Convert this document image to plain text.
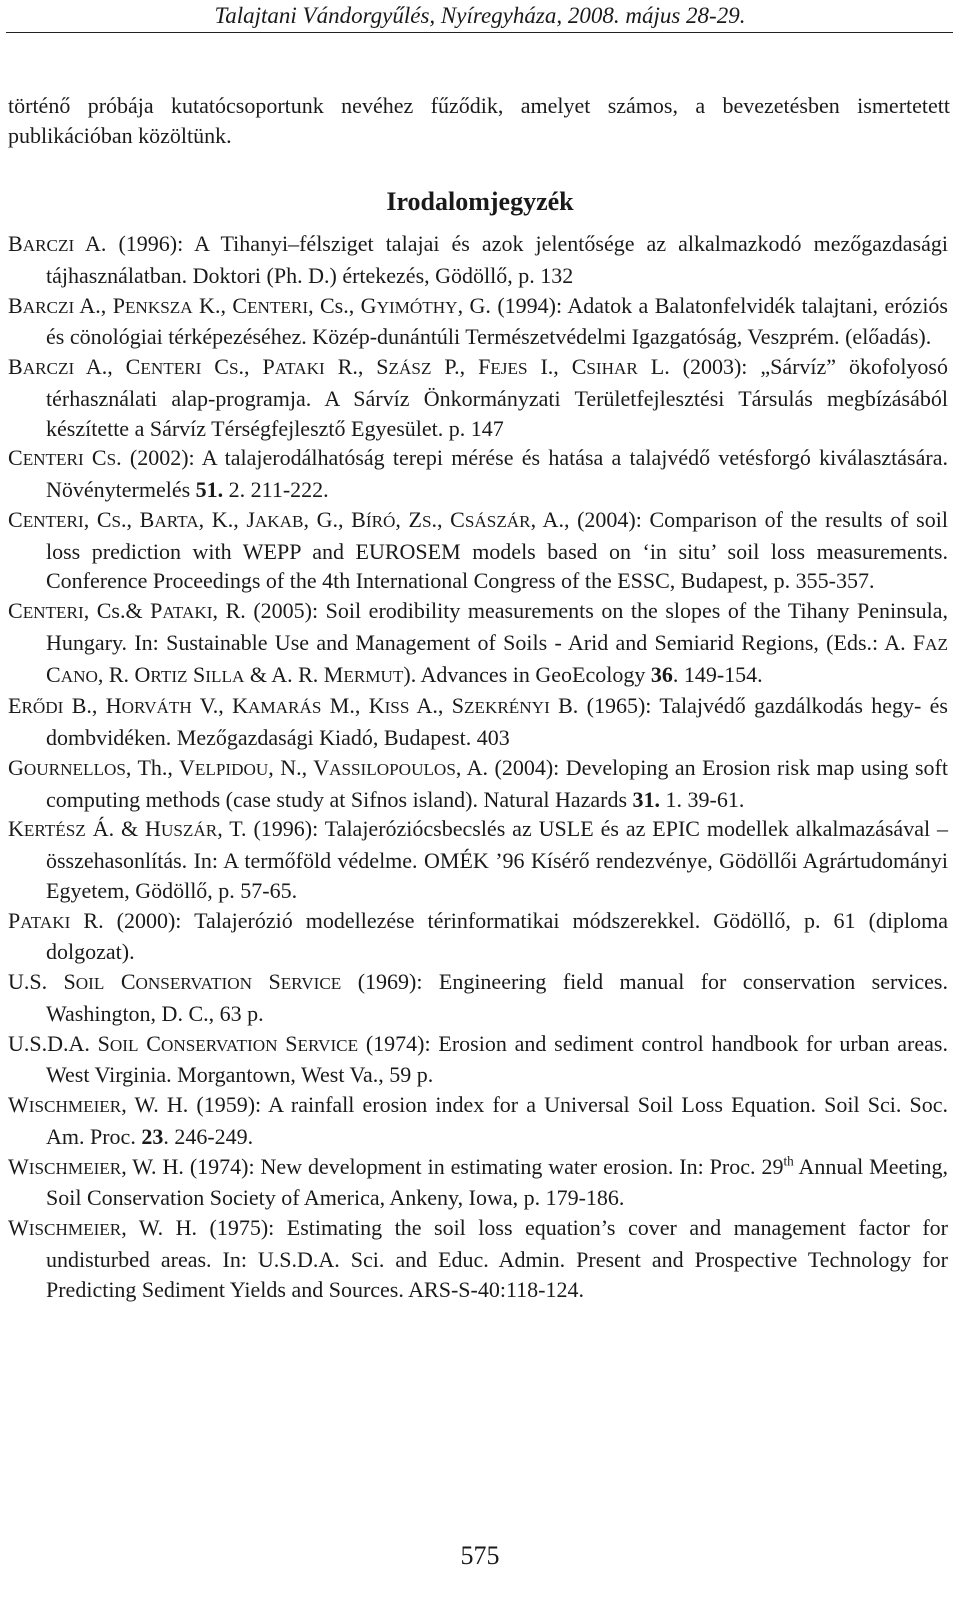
Talajtani Vándorgyűlés, Nyíregyháza, 2008. május 28-29.

történő próbája kutatócsoportunk nevéhez fűződik, amelyet számos, a bevezetésben ismertetett publikációban közöltünk.

Irodalomjegyzék

BARCZI A. (1996): A Tihanyi–félsziget talajai és azok jelentősége az alkalmazkodó mezőgazdasági tájhasználatban. Doktori (Ph. D.) értekezés, Gödöllő, p. 132

BARCZI A., PENKSZA K., CENTERI, Cs., GYIMÓTHY, G. (1994): Adatok a Balatonfelvidék talajtani, eróziós és cönológiai térképezéséhez. Közép-dunántúli Természetvédelmi Igazgatóság, Veszprém. (előadás).

BARCZI A., CENTERI CS., PATAKI R., SZÁSZ P., FEJES I., CSIHAR L. (2003): „Sárvíz” ökofolyosó térhasználati alap-programja. A Sárvíz Önkormányzati Területfejlesztési Társulás megbízásából készítette a Sárvíz Térségfejlesztő Egyesület. p. 147

CENTERI CS. (2002): A talajerodálhatóság terepi mérése és hatása a talajvédő vetésforgó kiválasztására. Növénytermelés 51. 2. 211-222.

CENTERI, CS., BARTA, K., JAKAB, G., BÍRÓ, ZS., CSÁSZÁR, A., (2004): Comparison of the results of soil loss prediction with WEPP and EUROSEM models based on ‘in situ’ soil loss measurements. Conference Proceedings of the 4th International Congress of the ESSC, Budapest, p. 355-357.

CENTERI, Cs.& PATAKI, R. (2005): Soil erodibility measurements on the slopes of the Tihany Peninsula, Hungary. In: Sustainable Use and Management of Soils - Arid and Semiarid Regions, (Eds.: A. FAZ CANO, R. ORTIZ SILLA & A. R. MERMUT). Advances in GeoEcology 36. 149-154.

ERŐDI B., HORVÁTH V., KAMARÁS M., KISS A., SZEKRÉNYI B. (1965): Talajvédő gazdálkodás hegy- és dombvidéken. Mezőgazdasági Kiadó, Budapest. 403

GOURNELLOS, Th., VELPIDOU, N., VASSILOPOULOS, A. (2004): Developing an Erosion risk map using soft computing methods (case study at Sifnos island). Natural Hazards 31. 1. 39-61.

KERTÉSZ Á. & HUSZÁR, T. (1996): Talajeróziócsbecslés az USLE és az EPIC modellek alkalmazásával – összehasonlítás. In: A termőföld védelme. OMÉK ’96 Kísérő rendezvénye, Gödöllői Agrártudományi Egyetem, Gödöllő, p. 57-65.

PATAKI R. (2000): Talajerózió modellezése térinformatikai módszerekkel. Gödöllő, p. 61 (diploma dolgozat).

U.S. SOIL CONSERVATION SERVICE (1969): Engineering field manual for conservation services. Washington, D. C., 63 p.

U.S.D.A. SOIL CONSERVATION SERVICE (1974): Erosion and sediment control handbook for urban areas. West Virginia. Morgantown, West Va., 59 p.

WISCHMEIER, W. H. (1959): A rainfall erosion index for a Universal Soil Loss Equation. Soil Sci. Soc. Am. Proc. 23. 246-249.

WISCHMEIER, W. H. (1974): New development in estimating water erosion. In: Proc. 29th Annual Meeting, Soil Conservation Society of America, Ankeny, Iowa, p. 179-186.

WISCHMEIER, W. H. (1975): Estimating the soil loss equation’s cover and management factor for undisturbed areas. In: U.S.D.A. Sci. and Educ. Admin. Present and Prospective Technology for Predicting Sediment Yields and Sources. ARS-S-40:118-124.

575
